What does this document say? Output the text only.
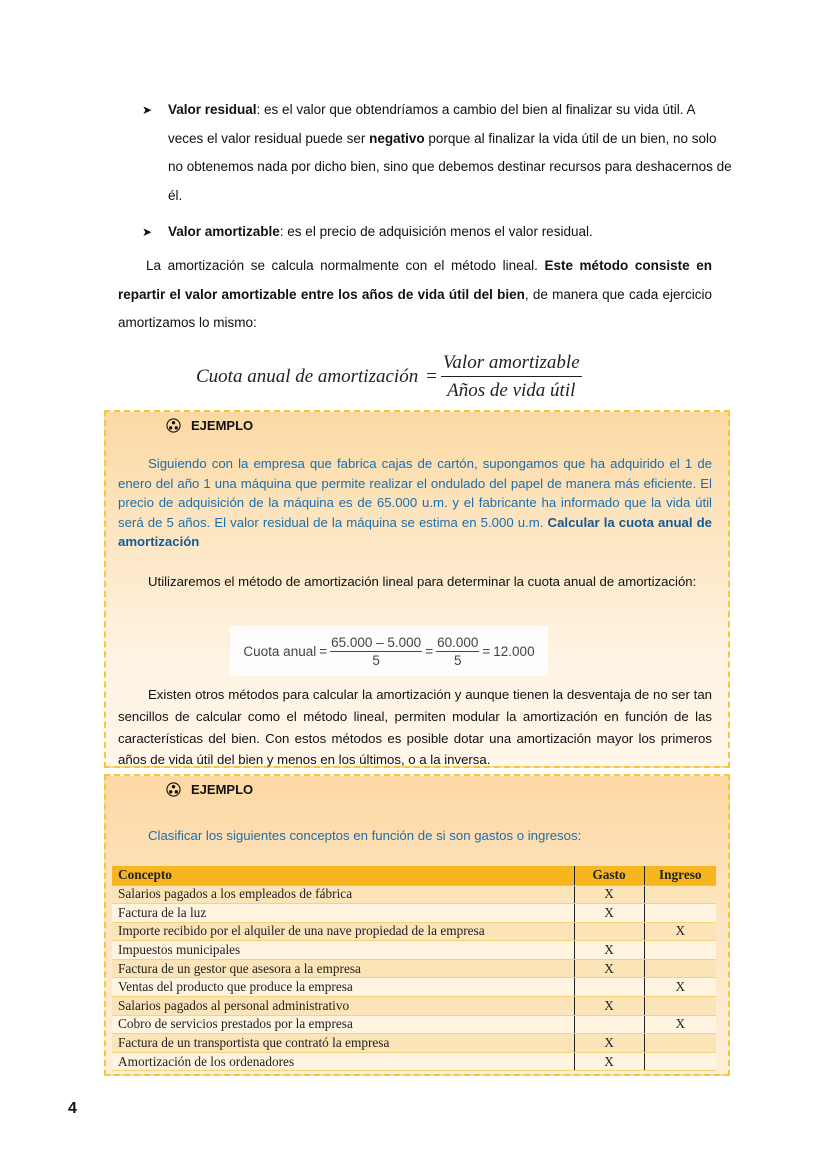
➤ Valor residual: es el valor que obtendríamos a cambio del bien al finalizar su vida útil. A veces el valor residual puede ser negativo porque al finalizar la vida útil de un bien, no solo no obtenemos nada por dicho bien, sino que debemos destinar recursos para deshacernos de él.
➤ Valor amortizable: es el precio de adquisición menos el valor residual.

La amortización se calcula normalmente con el método lineal. Este método consiste en repartir el valor amortizable entre los años de vida útil del bien, de manera que cada ejercicio amortizamos lo mismo:

Cuota anual de amortización = $\frac{\text{Valor amortizable}}{\text{Años de vida útil}}$
EJEMPLO

Siguiendo con la empresa que fabrica cajas de cartón, supongamos que ha adquirido el 1 de enero del año 1 una máquina que permite realizar el ondulado del papel de manera más eficiente. El precio de adquisición de la máquina es de 65.000 u.m. y el fabricante ha informado que la vida útil será de 5 años. El valor residual de la máquina se estima en 5.000 u.m. Calcular la cuota anual de amortización

Utilizaremos el método de amortización lineal para determinar la cuota anual de amortización:

Cuota anual = $\frac{65.000 - 5.000}{5} = \frac{60.000}{5} = 12.000$

Existen otros métodos para calcular la amortización y aunque tienen la desventaja de no ser tan sencillos de calcular como el método lineal, permiten modular la amortización en función de las características del bien. Con estos métodos es posible dotar una amortización mayor los primeros años de vida útil del bien y menos en los últimos, o a la inversa.

EJEMPLO

Clasificar los siguientes conceptos en función de si son gastos o ingresos:

Concepto	Gasto	Ingreso
Salarios pagados a los empleados de fábrica	X	
Factura de la luz	X	
Importe recibido por el alquiler de una nave propiedad de la empresa		X
Impuestos municipales	X	
Factura de un gestor que asesora a la empresa	X	
Ventas del producto que produce la empresa		X
Salarios pagados al personal administrativo	X	
Cobro de servicios prestados por la empresa		X
Factura de un transportista que contrató la empresa	X	
Amortización de los ordenadores	X	
4
